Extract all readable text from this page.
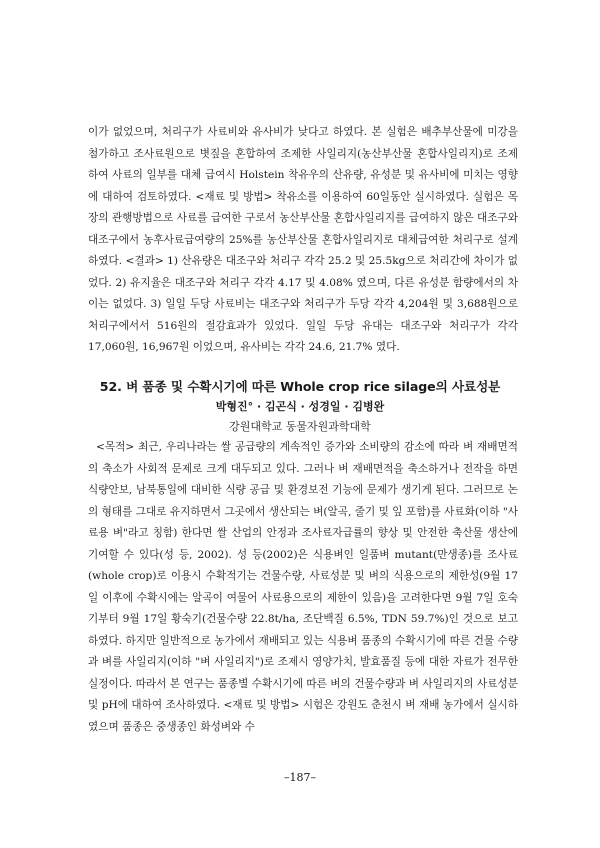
이가 없었으며, 처리구가 사료비와 유사비가 낮다고 하였다. 본 실험은 배추부산물에 미강을 첨가하고 조사료원으로 볏짚을 혼합하여 조제한 사일리지(농산부산물 혼합사일리지)로 조제하여 사료의 일부를 대체 급여시 Holstein 착유우의 산유량, 유성분 및 유사비에 미치는 영향에 대하여 검토하였다. <재료 및 방법> 착유소를 이용하여 60일동안 실시하였다. 실험은 목장의 관행방법으로 사료를 급여한 구로서 농산부산물 혼합사일리지를 급여하지 않은 대조구와 대조구에서 농후사료급여량의 25%를 농산부산물 혼합사일리지로 대체급여한 처리구로 설계하였다. <결과> 1) 산유량은 대조구와 처리구 각각 25.2 및 25.5kg으로 처리간에 차이가 없었다. 2) 유지율은 대조구와 처리구 각각 4.17 및 4.08% 였으며, 다른 유성분 함량에서의 차이는 없었다. 3) 일일 두당 사료비는 대조구와 처리구가 두당 각각 4,204원 및 3,688원으로 처리구에서서 516원의 절감효과가 있었다. 일일 두당 유대는 대조구와 처리구가 각각 17,060원, 16,967원 이었으며, 유사비는 각각 24.6, 21.7% 였다.

52. 벼 품종 및 수확시기에 따른 Whole crop rice silage의 사료성분

박형진° · 김곤식 · 성경일 · 김병완

강원대학교 동물자원과학대학

<목적> 최근, 우리나라는 쌀 공급량의 계속적인 증가와 소비량의 감소에 따라 벼 재배면적의 축소가 사회적 문제로 크게 대두되고 있다. 그러나 벼 재배면적을 축소하거나 전작을 하면 식량안보, 남북통일에 대비한 식량 공급 및 환경보전 기능에 문제가 생기게 된다. 그러므로 논의 형태를 그대로 유지하면서 그곳에서 생산되는 벼(알곡, 줄기 및 잎 포함)를 사료화(이하 "사료용 벼"라고 칭함) 한다면 쌀 산업의 안정과 조사료자급률의 향상 및 안전한 축산물 생산에 기여할 수 있다(성 등, 2002). 성 등(2002)은 식용벼인 일품벼 mutant(만생종)를 조사료(whole crop)로 이용시 수확적기는 건물수량, 사료성분 및 벼의 식용으로의 제한성(9월 17일 이후에 수확시에는 알곡이 여물어 사료용으로의 제한이 있음)을 고려한다면 9월 7일 호숙기부터 9월 17일 황숙기(건물수량 22.8t/ha, 조단백질 6.5%, TDN 59.7%)인 것으로 보고하였다. 하지만 일반적으로 농가에서 재배되고 있는 식용벼 품종의 수확시기에 따른 건물 수량과 벼를 사일리지(이하 "벼 사일리지")로 조제시 영양가치, 발효품질 등에 대한 자료가 전무한 실정이다. 따라서 본 연구는 품종별 수확시기에 따른 벼의 건물수량과 벼 사일리지의 사료성분 및 pH에 대하여 조사하였다. <재료 및 방법> 시험은 강원도 춘천시 벼 재배 농가에서 실시하였으며 품종은 중생종인 화성벼와 수

–187–
